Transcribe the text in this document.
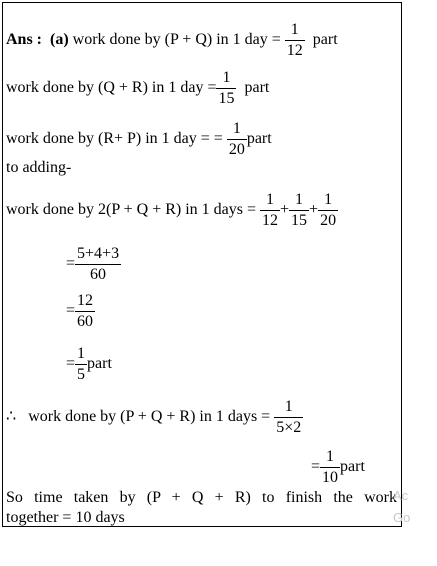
Ans : (a) work done by (P + Q) in 1 day = $\frac{1}{12}$ part
work done by (Q + R) in 1 day = $\frac{1}{15}$ part
work done by (R+ P) in 1 day = = $\frac{1}{20}$ part
to adding-
work done by 2(P + Q + R) in 1 days = $\frac{1}{12} + \frac{1}{15} + \frac{1}{20}$
= $\frac{5+4+3}{60}$
= $\frac{12}{60}$
= $\frac{1}{5}$ part
∴ work done by (P + Q + R) in 1 days = $\frac{1}{5\times 2}$
= $\frac{1}{10}$ part
So time taken by (P + Q + R) to finish the work
together = 10 days
Ac
Go
